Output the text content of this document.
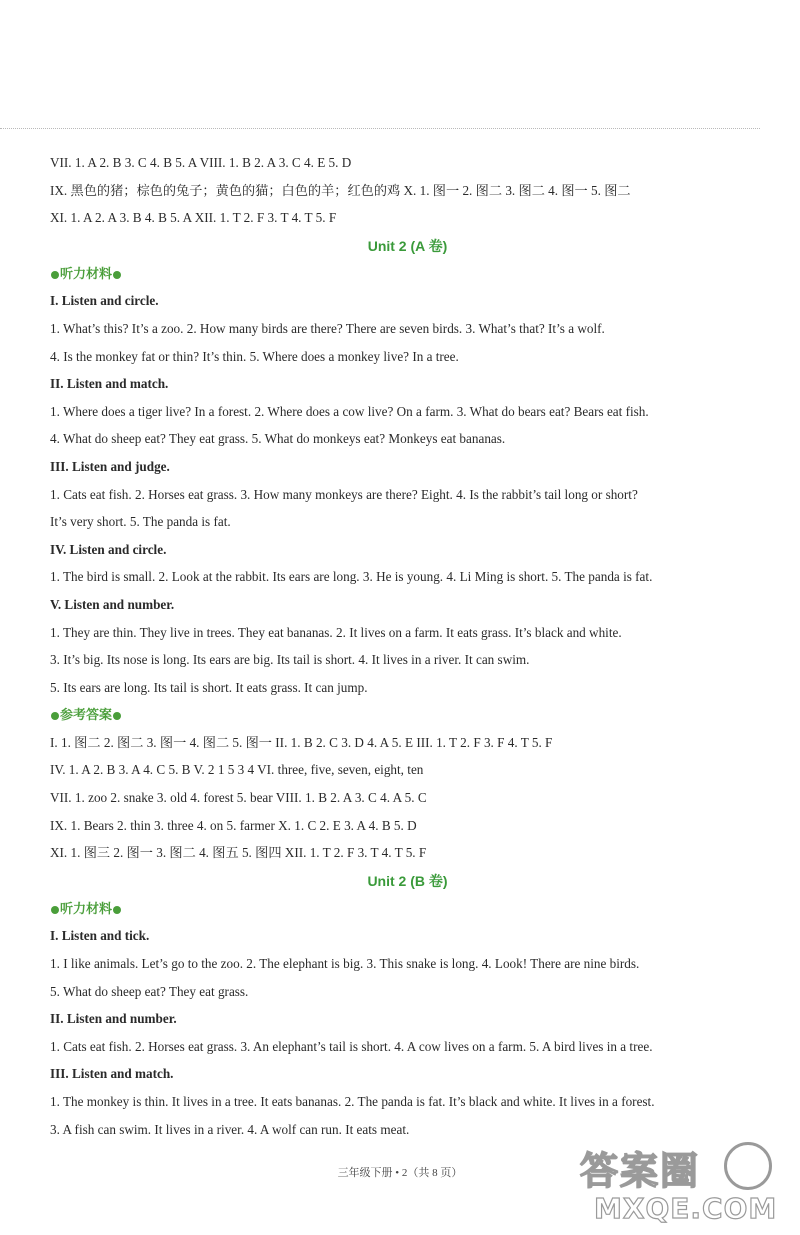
VII. 1. A 2. B 3. C 4. B 5. A VIII. 1. B 2. A 3. C 4. E 5. D
IX. 黑色的猪；棕色的兔子；黄色的猫；白色的羊；红色的鸡 X. 1. 图一 2. 图二 3. 图二 4. 图一 5. 图二
XI. 1. A 2. A 3. B 4. B 5. A XII. 1. T 2. F 3. T 4. T 5. F
Unit 2 (A 卷)
听力材料
I. Listen and circle.
1. What’s this? It’s a zoo. 2. How many birds are there? There are seven birds. 3. What’s that? It’s a wolf.
4. Is the monkey fat or thin? It’s thin. 5. Where does a monkey live? In a tree.
II. Listen and match.
1. Where does a tiger live? In a forest. 2. Where does a cow live? On a farm. 3. What do bears eat? Bears eat fish.
4. What do sheep eat? They eat grass. 5. What do monkeys eat? Monkeys eat bananas.
III. Listen and judge.
1. Cats eat fish. 2. Horses eat grass. 3. How many monkeys are there? Eight. 4. Is the rabbit’s tail long or short?
It’s very short. 5. The panda is fat.
IV. Listen and circle.
1. The bird is small. 2. Look at the rabbit. Its ears are long. 3. He is young. 4. Li Ming is short. 5. The panda is fat.
V. Listen and number.
1. They are thin. They live in trees. They eat bananas. 2. It lives on a farm. It eats grass. It’s black and white.
3. It’s big. Its nose is long. Its ears are big. Its tail is short. 4. It lives in a river. It can swim.
5. Its ears are long. Its tail is short. It eats grass. It can jump.
参考答案
I. 1. 图二 2. 图二 3. 图一 4. 图二 5. 图一 II. 1. B 2. C 3. D 4. A 5. E III. 1. T 2. F 3. F 4. T 5. F
IV. 1. A 2. B 3. A 4. C 5. B V. 2 1 5 3 4 VI. three, five, seven, eight, ten
VII. 1. zoo 2. snake 3. old 4. forest 5. bear VIII. 1. B 2. A 3. C 4. A 5. C
IX. 1. Bears 2. thin 3. three 4. on 5. farmer X. 1. C 2. E 3. A 4. B 5. D
XI. 1. 图三 2. 图一 3. 图二 4. 图五 5. 图四 XII. 1. T 2. F 3. T 4. T 5. F
Unit 2 (B 卷)
听力材料
I. Listen and tick.
1. I like animals. Let’s go to the zoo. 2. The elephant is big. 3. This snake is long. 4. Look! There are nine birds.
5. What do sheep eat? They eat grass.
II. Listen and number.
1. Cats eat fish. 2. Horses eat grass. 3. An elephant’s tail is short. 4. A cow lives on a farm. 5. A bird lives in a tree.
III. Listen and match.
1. The monkey is thin. It lives in a tree. It eats bananas. 2. The panda is fat. It’s black and white. It lives in a forest.
3. A fish can swim. It lives in a river. 4. A wolf can run. It eats meat.
三年级下册 • 2（共 8 页）	答案圈
MXQE.COM
